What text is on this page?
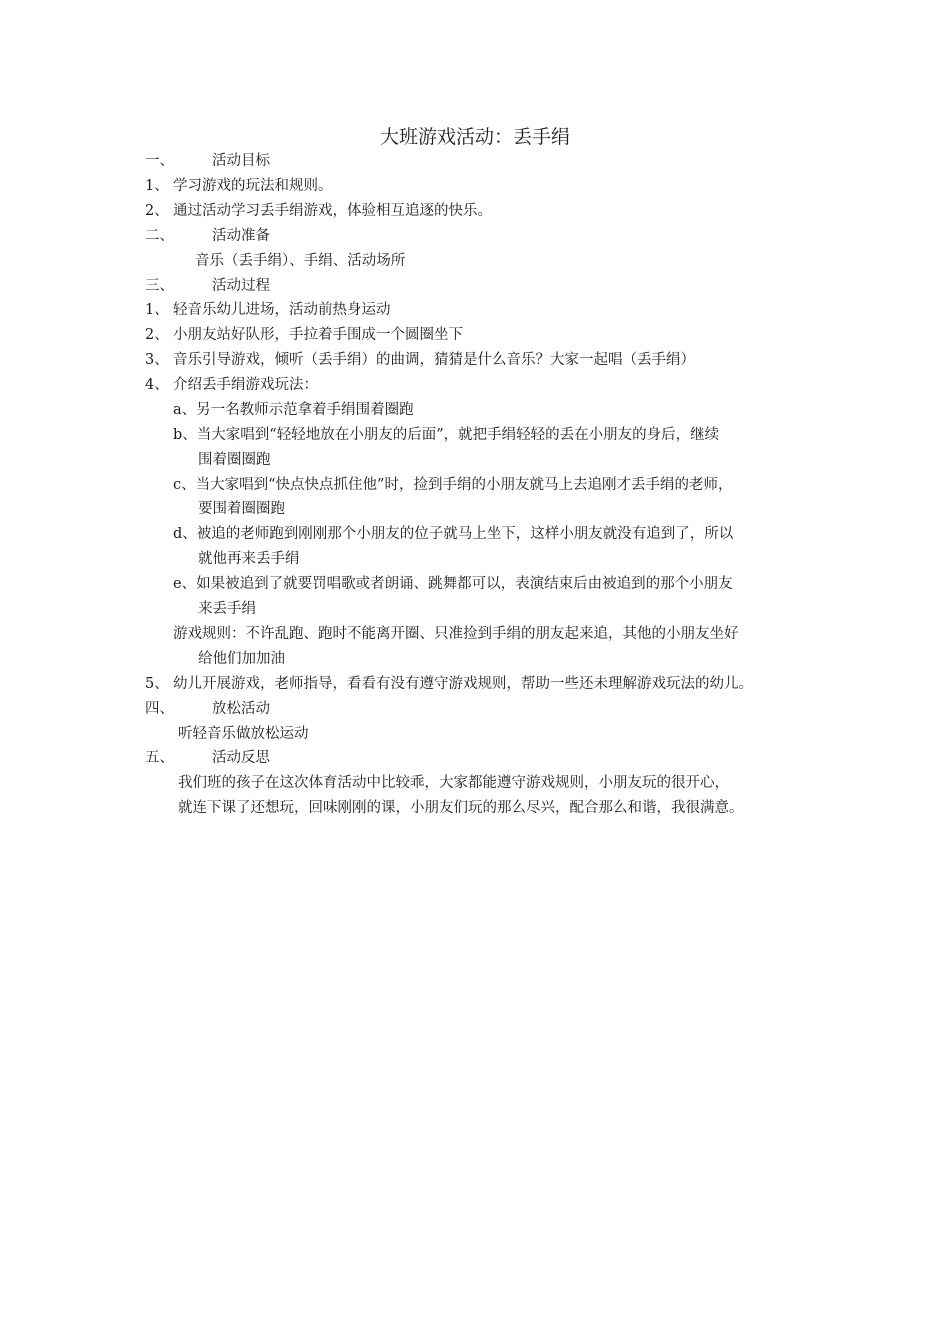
大班游戏活动：丢手绢
一、	活动目标
1、 学习游戏的玩法和规则。
2、 通过活动学习丢手绢游戏，体验相互追逐的快乐。
二、	活动准备
音乐（丢手绢）、手绢、活动场所
三、	活动过程
1、 轻音乐幼儿进场，活动前热身运动
2、 小朋友站好队形，手拉着手围成一个圆圈坐下
3、 音乐引导游戏，倾听（丢手绢）的曲调，猜猜是什么音乐？大家一起唱（丢手绢）
4、 介绍丢手绢游戏玩法：
a、另一名教师示范拿着手绢围着圈跑
b、当大家唱到“轻轻地放在小朋友的后面”，就把手绢轻轻的丢在小朋友的身后，继续
围着圈圈跑
c、当大家唱到“快点快点抓住他”时，捡到手绢的小朋友就马上去追刚才丢手绢的老师，
要围着圈圈跑
d、被追的老师跑到刚刚那个小朋友的位子就马上坐下，这样小朋友就没有追到了，所以
就他再来丢手绢
e、如果被追到了就要罚唱歌或者朗诵、跳舞都可以，表演结束后由被追到的那个小朋友
来丢手绢
游戏规则：不许乱跑、跑时不能离开圈、只准捡到手绢的朋友起来追，其他的小朋友坐好
给他们加加油
5、 幼儿开展游戏，老师指导，看看有没有遵守游戏规则，帮助一些还未理解游戏玩法的幼儿。
四、	放松活动
听轻音乐做放松运动
五、	活动反思
我们班的孩子在这次体育活动中比较乖，大家都能遵守游戏规则，小朋友玩的很开心，
就连下课了还想玩，回味刚刚的课，小朋友们玩的那么尽兴，配合那么和谐，我很满意。
